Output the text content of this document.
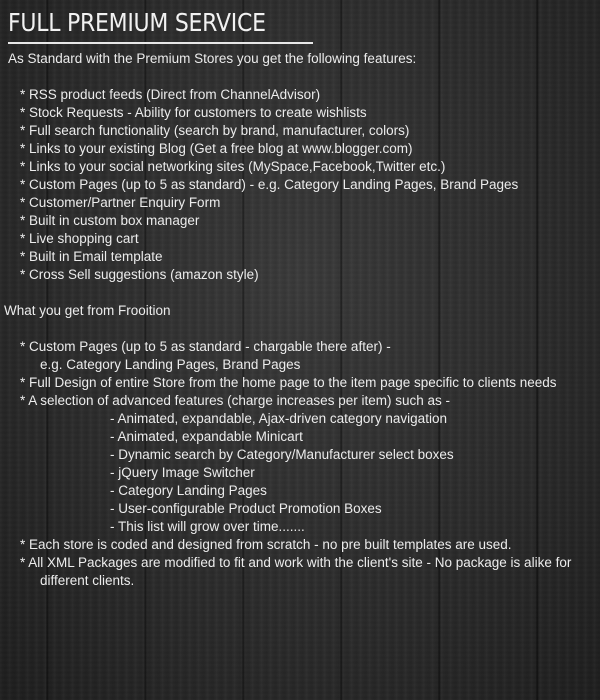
FULL PREMIUM SERVICE
As Standard with the Premium Stores you get the following features:
* RSS product feeds (Direct from ChannelAdvisor)
* Stock Requests - Ability for customers to create wishlists
* Full search functionality (search by brand, manufacturer, colors)
* Links to your existing Blog (Get a free blog at www.blogger.com)
* Links to your social networking sites (MySpace,Facebook,Twitter etc.)
* Custom Pages (up to 5 as standard) - e.g. Category Landing Pages, Brand Pages
* Customer/Partner Enquiry Form
* Built in custom box manager
* Live shopping cart
* Built in Email template
* Cross Sell suggestions (amazon style)
What you get from Frooition
* Custom Pages (up to 5 as standard - chargable there after) -
e.g. Category Landing Pages, Brand Pages
* Full Design of entire Store from the home page to the item page specific to clients needs
* A selection of advanced features (charge increases per item) such as -
- Animated, expandable, Ajax-driven category navigation
- Animated, expandable Minicart
- Dynamic search by Category/Manufacturer select boxes
- jQuery Image Switcher
- Category Landing Pages
- User-configurable Product Promotion Boxes
- This list will grow over time.......
* Each store is coded and designed from scratch - no pre built templates are used.
* All XML Packages are modified to fit and work with the client's site - No package is alike for
different clients.
